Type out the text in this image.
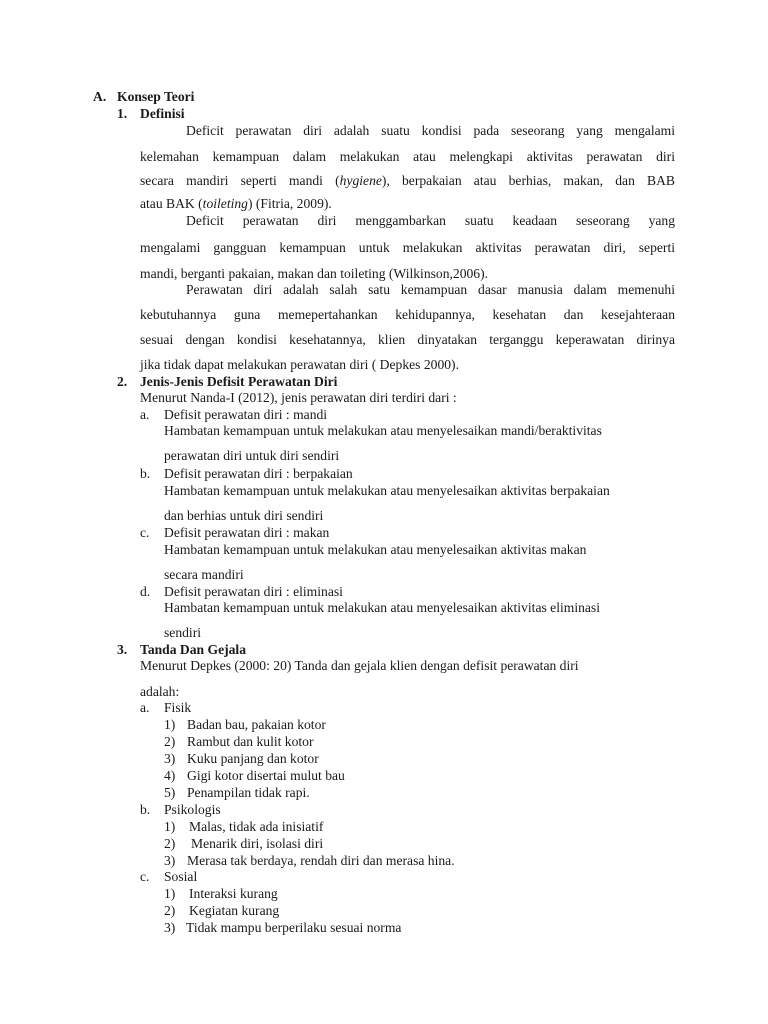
A. Konsep Teori
1. Definisi
Deficit perawatan diri adalah suatu kondisi pada seseorang yang mengalami
kelemahan kemampuan dalam melakukan atau melengkapi aktivitas perawatan diri
secara mandiri seperti mandi (hygiene), berpakaian atau berhias, makan, dan BAB
atau BAK (toileting) (Fitria, 2009).
Deficit perawatan diri menggambarkan suatu keadaan seseorang yang
mengalami gangguan kemampuan untuk melakukan aktivitas perawatan diri, seperti
mandi, berganti pakaian, makan dan toileting (Wilkinson,2006).
Perawatan diri adalah salah satu kemampuan dasar manusia dalam memenuhi
kebutuhannya guna memepertahankan kehidupannya, kesehatan dan kesejahteraan
sesuai dengan kondisi kesehatannya, klien dinyatakan terganggu keperawatan dirinya
jika tidak dapat melakukan perawatan diri ( Depkes 2000).
2. Jenis-Jenis Defisit Perawatan Diri
Menurut Nanda-I (2012), jenis perawatan diri terdiri dari :
a. Defisit perawatan diri : mandi
Hambatan kemampuan untuk melakukan atau menyelesaikan mandi/beraktivitas
perawatan diri untuk diri sendiri
b. Defisit perawatan diri : berpakaian
Hambatan kemampuan untuk melakukan atau menyelesaikan aktivitas berpakaian
dan berhias untuk diri sendiri
c. Defisit perawatan diri : makan
Hambatan kemampuan untuk melakukan atau menyelesaikan aktivitas makan
secara mandiri
d. Defisit perawatan diri : eliminasi
Hambatan kemampuan untuk melakukan atau menyelesaikan aktivitas eliminasi
sendiri
3. Tanda Dan Gejala
Menurut Depkes (2000: 20) Tanda dan gejala klien dengan defisit perawatan diri
adalah:
a. Fisik
1) Badan bau, pakaian kotor
2) Rambut dan kulit kotor
3) Kuku panjang dan kotor
4) Gigi kotor disertai mulut bau
5) Penampilan tidak rapi.
b. Psikologis
1) Malas, tidak ada inisiatif
2) Menarik diri, isolasi diri
3) Merasa tak berdaya, rendah diri dan merasa hina.
c. Sosial
1) Interaksi kurang
2) Kegiatan kurang
3) Tidak mampu berperilaku sesuai norma
